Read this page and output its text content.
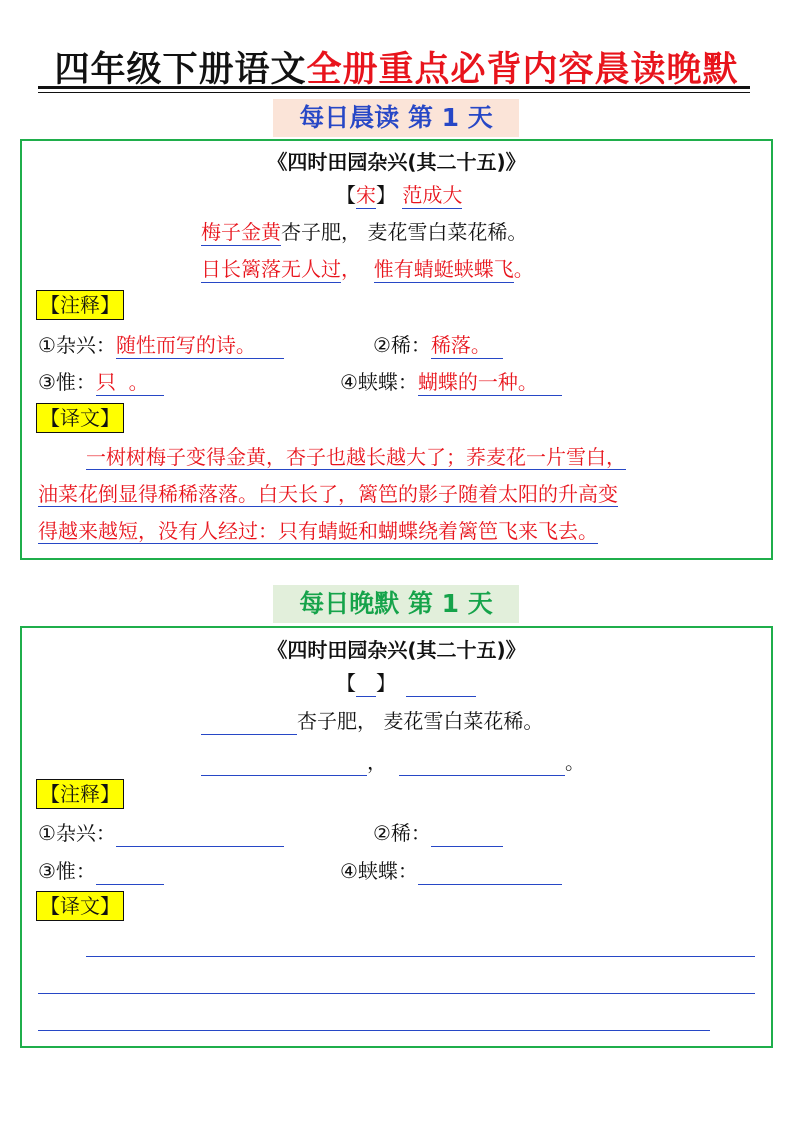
四年级下册语文全册重点必背内容晨读晚默
每日晨读 第 1 天
《四时田园杂兴(其二十五)》
【宋】 范成大
梅子金黄杏子肥， 麦花雪白菜花稀。
日长篱落无人过，  惟有蜻蜓蛱蝶飞。
【注释】
①杂兴：随性而写的诗。	②稀：稀落。
③惟：只  。	④蛱蝶：蝴蝶的一种。
【译文】
一树树梅子变得金黄，杏子也越长越大了；荞麦花一片雪白，
油菜花倒显得稀稀落落。白天长了，篱笆的影子随着太阳的升高变
得越来越短，没有人经过：只有蜻蜓和蝴蝶绕着篱笆飞来飞去。
每日晚默 第 1 天
《四时田园杂兴(其二十五)》
【 】
杏子肥， 麦花雪白菜花稀。
，	。
【注释】
①杂兴：	②稀：
③惟：	④蛱蝶：
【译文】
